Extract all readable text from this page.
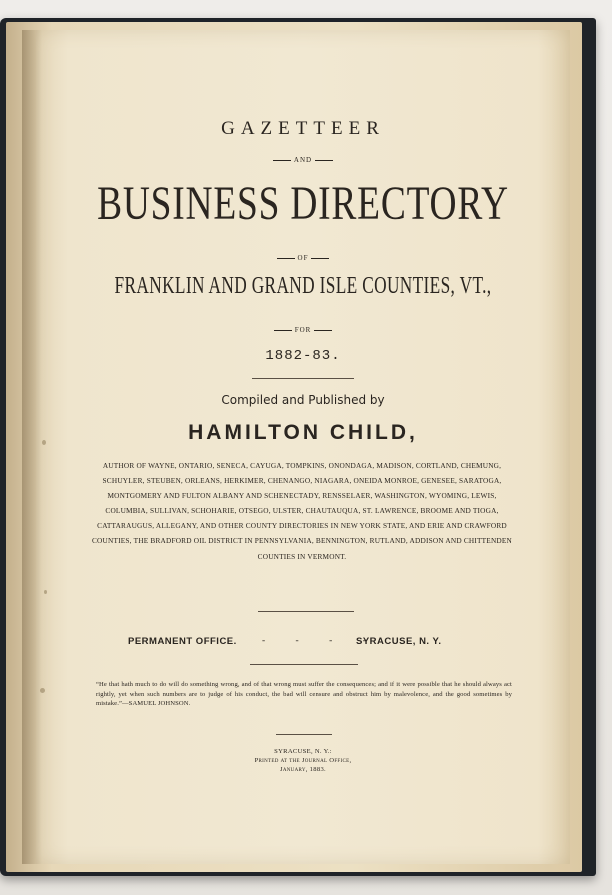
GAZETTEER
AND
BUSINESS DIRECTORY
OF
FRANKLIN AND GRAND ISLE COUNTIES, VT.,
FOR
1882-83.
Compiled and Published by
HAMILTON CHILD,
AUTHOR OF WAYNE, ONTARIO, SENECA, CAYUGA, TOMPKINS, ONONDAGA, MADISON, CORTLAND, CHEMUNG, SCHUYLER, STEUBEN, ORLEANS, HERKIMER, CHENANGO, NIAGARA, ONEIDA MONROE, GENESEE, SARATOGA, MONTGOMERY AND FULTON ALBANY AND SCHENECTADY, RENSSELAER, WASHINGTON, WYOMING, LEWIS, COLUMBIA, SULLIVAN, SCHOHARIE, OTSEGO, ULSTER, CHAUTAUQUA, ST. LAWRENCE, BROOME AND TIOGA, CATTARAUGUS, ALLEGANY, AND OTHER COUNTY DIRECTORIES IN NEW YORK STATE, AND ERIE AND CRAWFORD COUNTIES, THE BRADFORD OIL DISTRICT IN PENNSYLVANIA, BENNINGTON, RUTLAND, ADDISON AND CHITTENDEN COUNTIES IN VERMONT.
PERMANENT OFFICE.	- - - -
SYRACUSE, N. Y.
“He that hath much to do will do something wrong, and of that wrong must suffer the consequences; and if it were possible that he should always act rightly, yet when such numbers are to judge of his conduct, the bad will censure and obstruct him by malevolence, and the good sometimes by mistake.”—SAMUEL JOHNSON.
SYRACUSE, N. Y.:
Printed at the Journal Office,
January, 1883.
